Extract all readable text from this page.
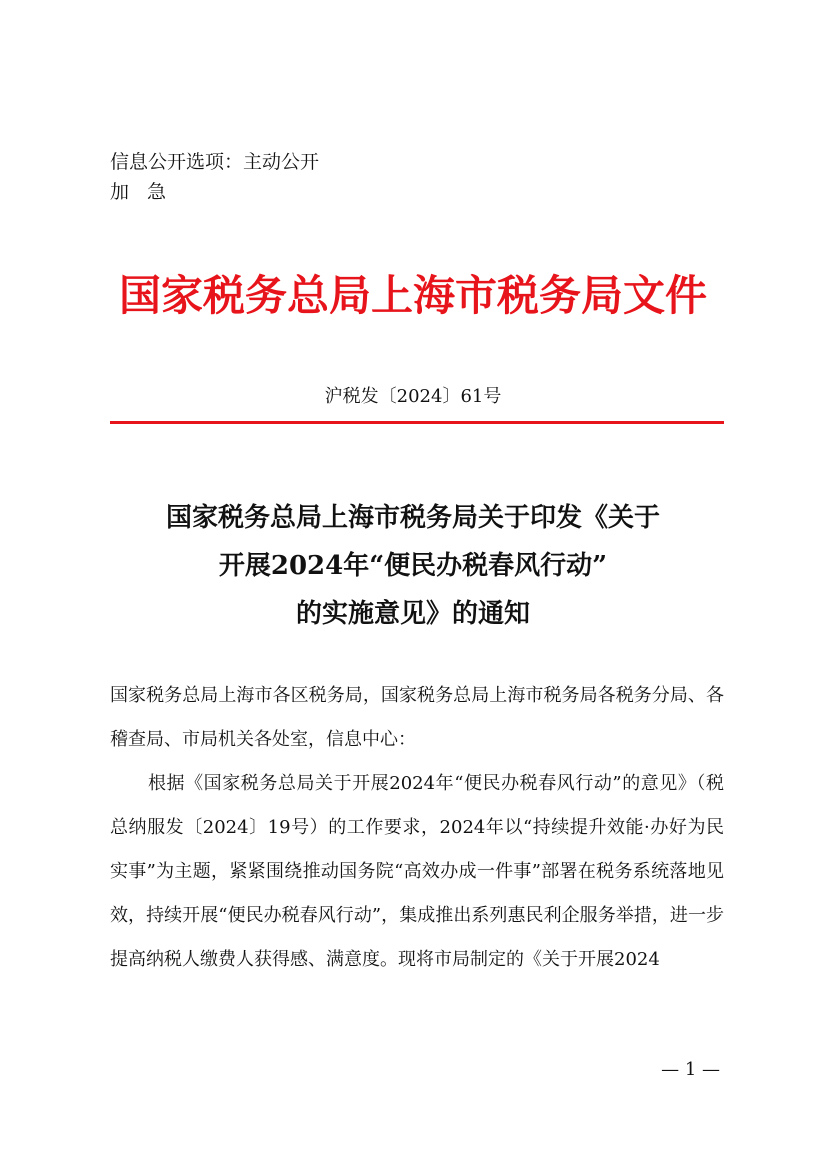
信息公开选项：主动公开
加急
国家税务总局上海市税务局文件
沪税发〔2024〕61号
国家税务总局上海市税务局关于印发《关于
开展2024年“便民办税春风行动”
的实施意见》的通知

国家税务总局上海市各区税务局，国家税务总局上海市税务局各税务分局、各稽查局、市局机关各处室，信息中心：

根据《国家税务总局关于开展2024年“便民办税春风行动”的意见》（税总纳服发〔2024〕19号）的工作要求，2024年以“持续提升效能·办好为民实事”为主题，紧紧围绕推动国务院“高效办成一件事”部署在税务系统落地见效，持续开展“便民办税春风行动”，集成推出系列惠民利企服务举措，进一步提高纳税人缴费人获得感、满意度。现将市局制定的《关于开展2024

— 1 —
